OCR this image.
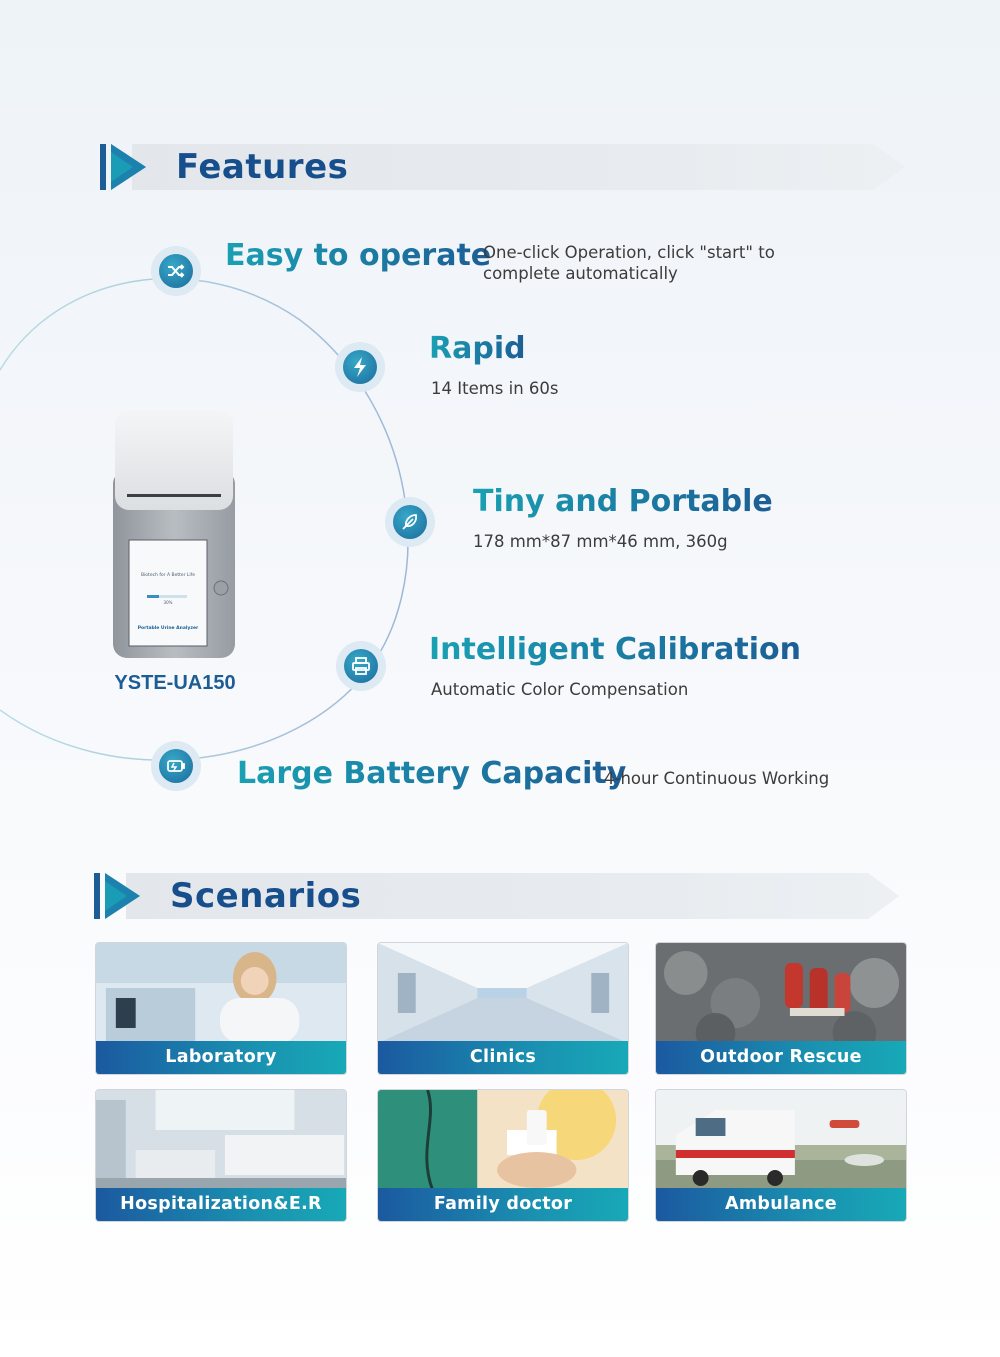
Features
Easy to operate
One-click Operation, click "start" to complete automatically
Rapid
14 Items in 60s
Tiny and Portable
178 mm*87 mm*46 mm, 360g
Intelligent Calibration
Automatic Color Compensation
Large Battery Capacity
4-hour Continuous Working
Biotech for A Better Life
30%
Portable Urine Analyzer
YSTE-UA150
Scenarios
Laboratory	Clinics	Outdoor Rescue
Hospitalization&E.R	Family doctor	Ambulance
